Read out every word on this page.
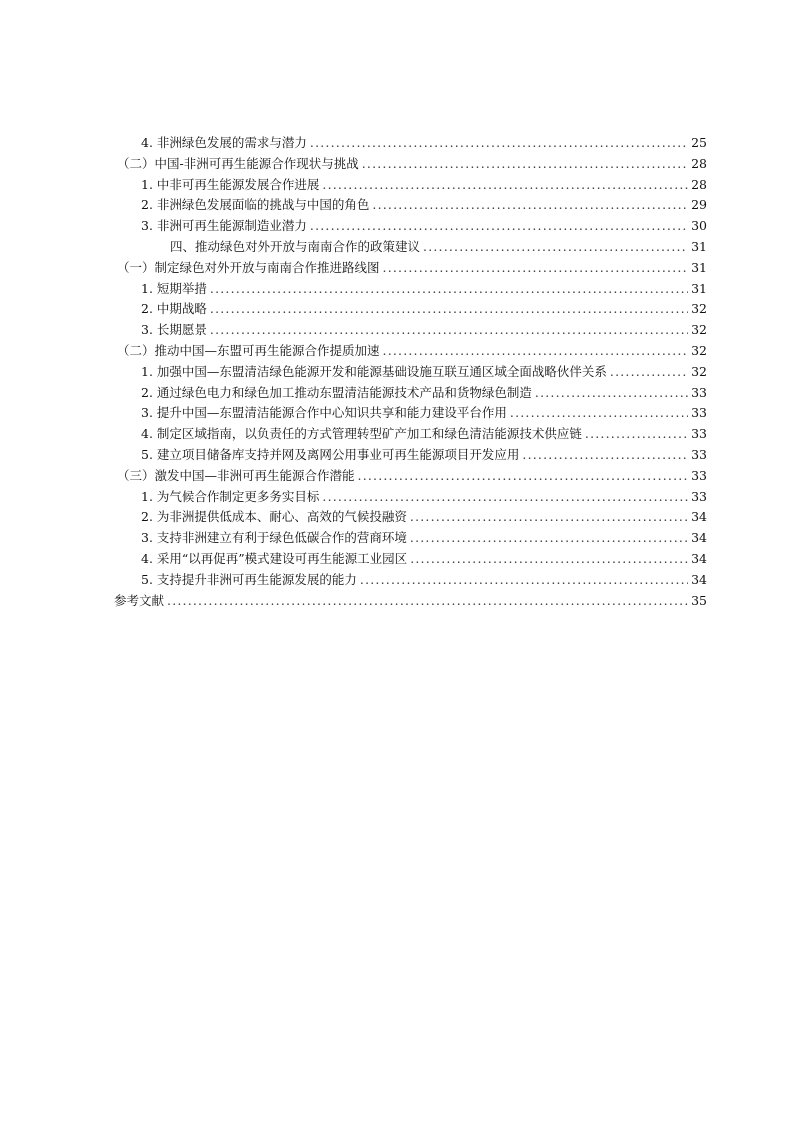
4. 非洲绿色发展的需求与潜力 .....	25
（二）中国-非洲可再生能源合作现状与挑战 .....	28
1. 中非可再生能源发展合作进展 .....	28
2. 非洲绿色发展面临的挑战与中国的角色 .....	29
3. 非洲可再生能源制造业潜力 .....	30
四、推动绿色对外开放与南南合作的政策建议 .....	31
（一）制定绿色对外开放与南南合作推进路线图 .....	31
1. 短期举措 .....	31
2. 中期战略 .....	32
3. 长期愿景 .....	32
（二）推动中国—东盟可再生能源合作提质加速 .....	32
1. 加强中国—东盟清洁绿色能源开发和能源基础设施互联互通区域全面战略伙伴关系 .....	32
2. 通过绿色电力和绿色加工推动东盟清洁能源技术产品和货物绿色制造 .....	33
3. 提升中国—东盟清洁能源合作中心知识共享和能力建设平台作用 .....	33
4. 制定区域指南，以负责任的方式管理转型矿产加工和绿色清洁能源技术供应链 .....	33
5. 建立项目储备库支持并网及离网公用事业可再生能源项目开发应用 .....	33
（三）激发中国—非洲可再生能源合作潜能 .....	33
1. 为气候合作制定更多务实目标 .....	33
2. 为非洲提供低成本、耐心、高效的气候投融资 .....	34
3. 支持非洲建立有利于绿色低碳合作的营商环境 .....	34
4. 采用“以再促再”模式建设可再生能源工业园区 .....	34
5. 支持提升非洲可再生能源发展的能力 .....	34
参考文献 .....	35
